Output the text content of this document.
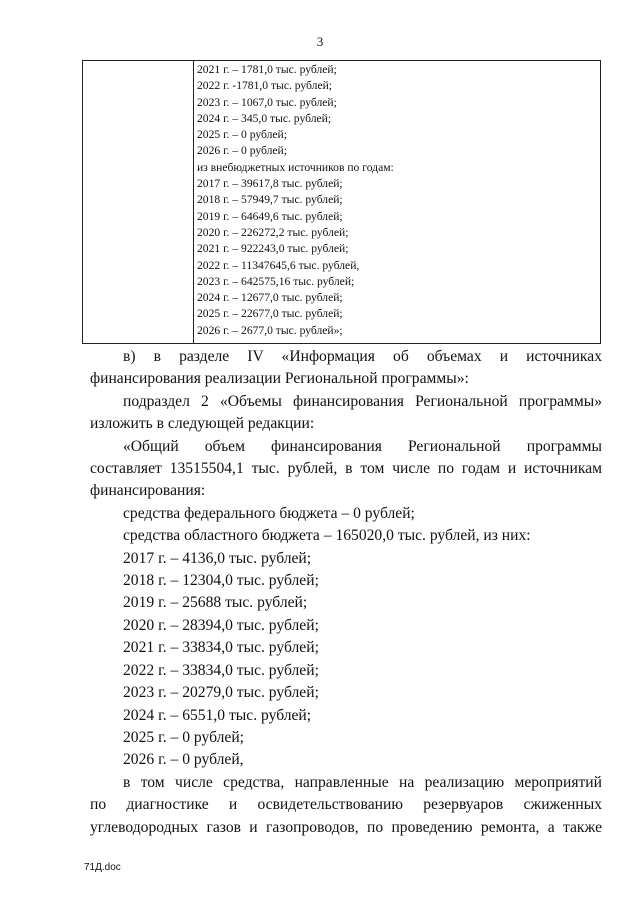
3
2021 г. – 1781,0 тыс. рублей;
2022 г. -1781,0 тыс. рублей;
2023 г. – 1067,0 тыс. рублей;
2024 г. – 345,0 тыс. рублей;
2025 г. – 0 рублей;
2026 г. – 0 рублей;
из внебюджетных источников по годам:
2017 г. – 39617,8 тыс. рублей;
2018 г. – 57949,7 тыс. рублей;
2019 г. – 64649,6 тыс. рублей;
2020 г. – 226272,2 тыс. рублей;
2021 г. – 922243,0 тыс. рублей;
2022 г. – 11347645,6 тыс. рублей,
2023 г. – 642575,16 тыс. рублей;
2024 г. – 12677,0 тыс. рублей;
2025 г. – 22677,0 тыс. рублей;
2026 г. – 2677,0 тыс. рублей»;

в) в разделе IV «Информация об объемах и источниках

финансирования реализации Региональной программы»:

подраздел 2 «Объемы финансирования Региональной программы»

изложить в следующей редакции:

«Общий объем финансирования Региональной программы

составляет 13515504,1 тыс. рублей, в том числе по годам и источникам

финансирования:

средства федерального бюджета – 0 рублей;

средства областного бюджета – 165020,0 тыс. рублей, из них:

2017 г. – 4136,0 тыс. рублей;

2018 г. – 12304,0 тыс. рублей;

2019 г. – 25688 тыс. рублей;

2020 г. – 28394,0 тыс. рублей;

2021 г. – 33834,0 тыс. рублей;

2022 г. – 33834,0 тыс. рублей;

2023 г. – 20279,0 тыс. рублей;

2024 г. – 6551,0 тыс. рублей;

2025 г. – 0 рублей;

2026 г. – 0 рублей,

в том числе средства, направленные на реализацию мероприятий

по диагностике и освидетельствованию резервуаров сжиженных

углеводородных газов и газопроводов, по проведению ремонта, а также

71Д.doc
